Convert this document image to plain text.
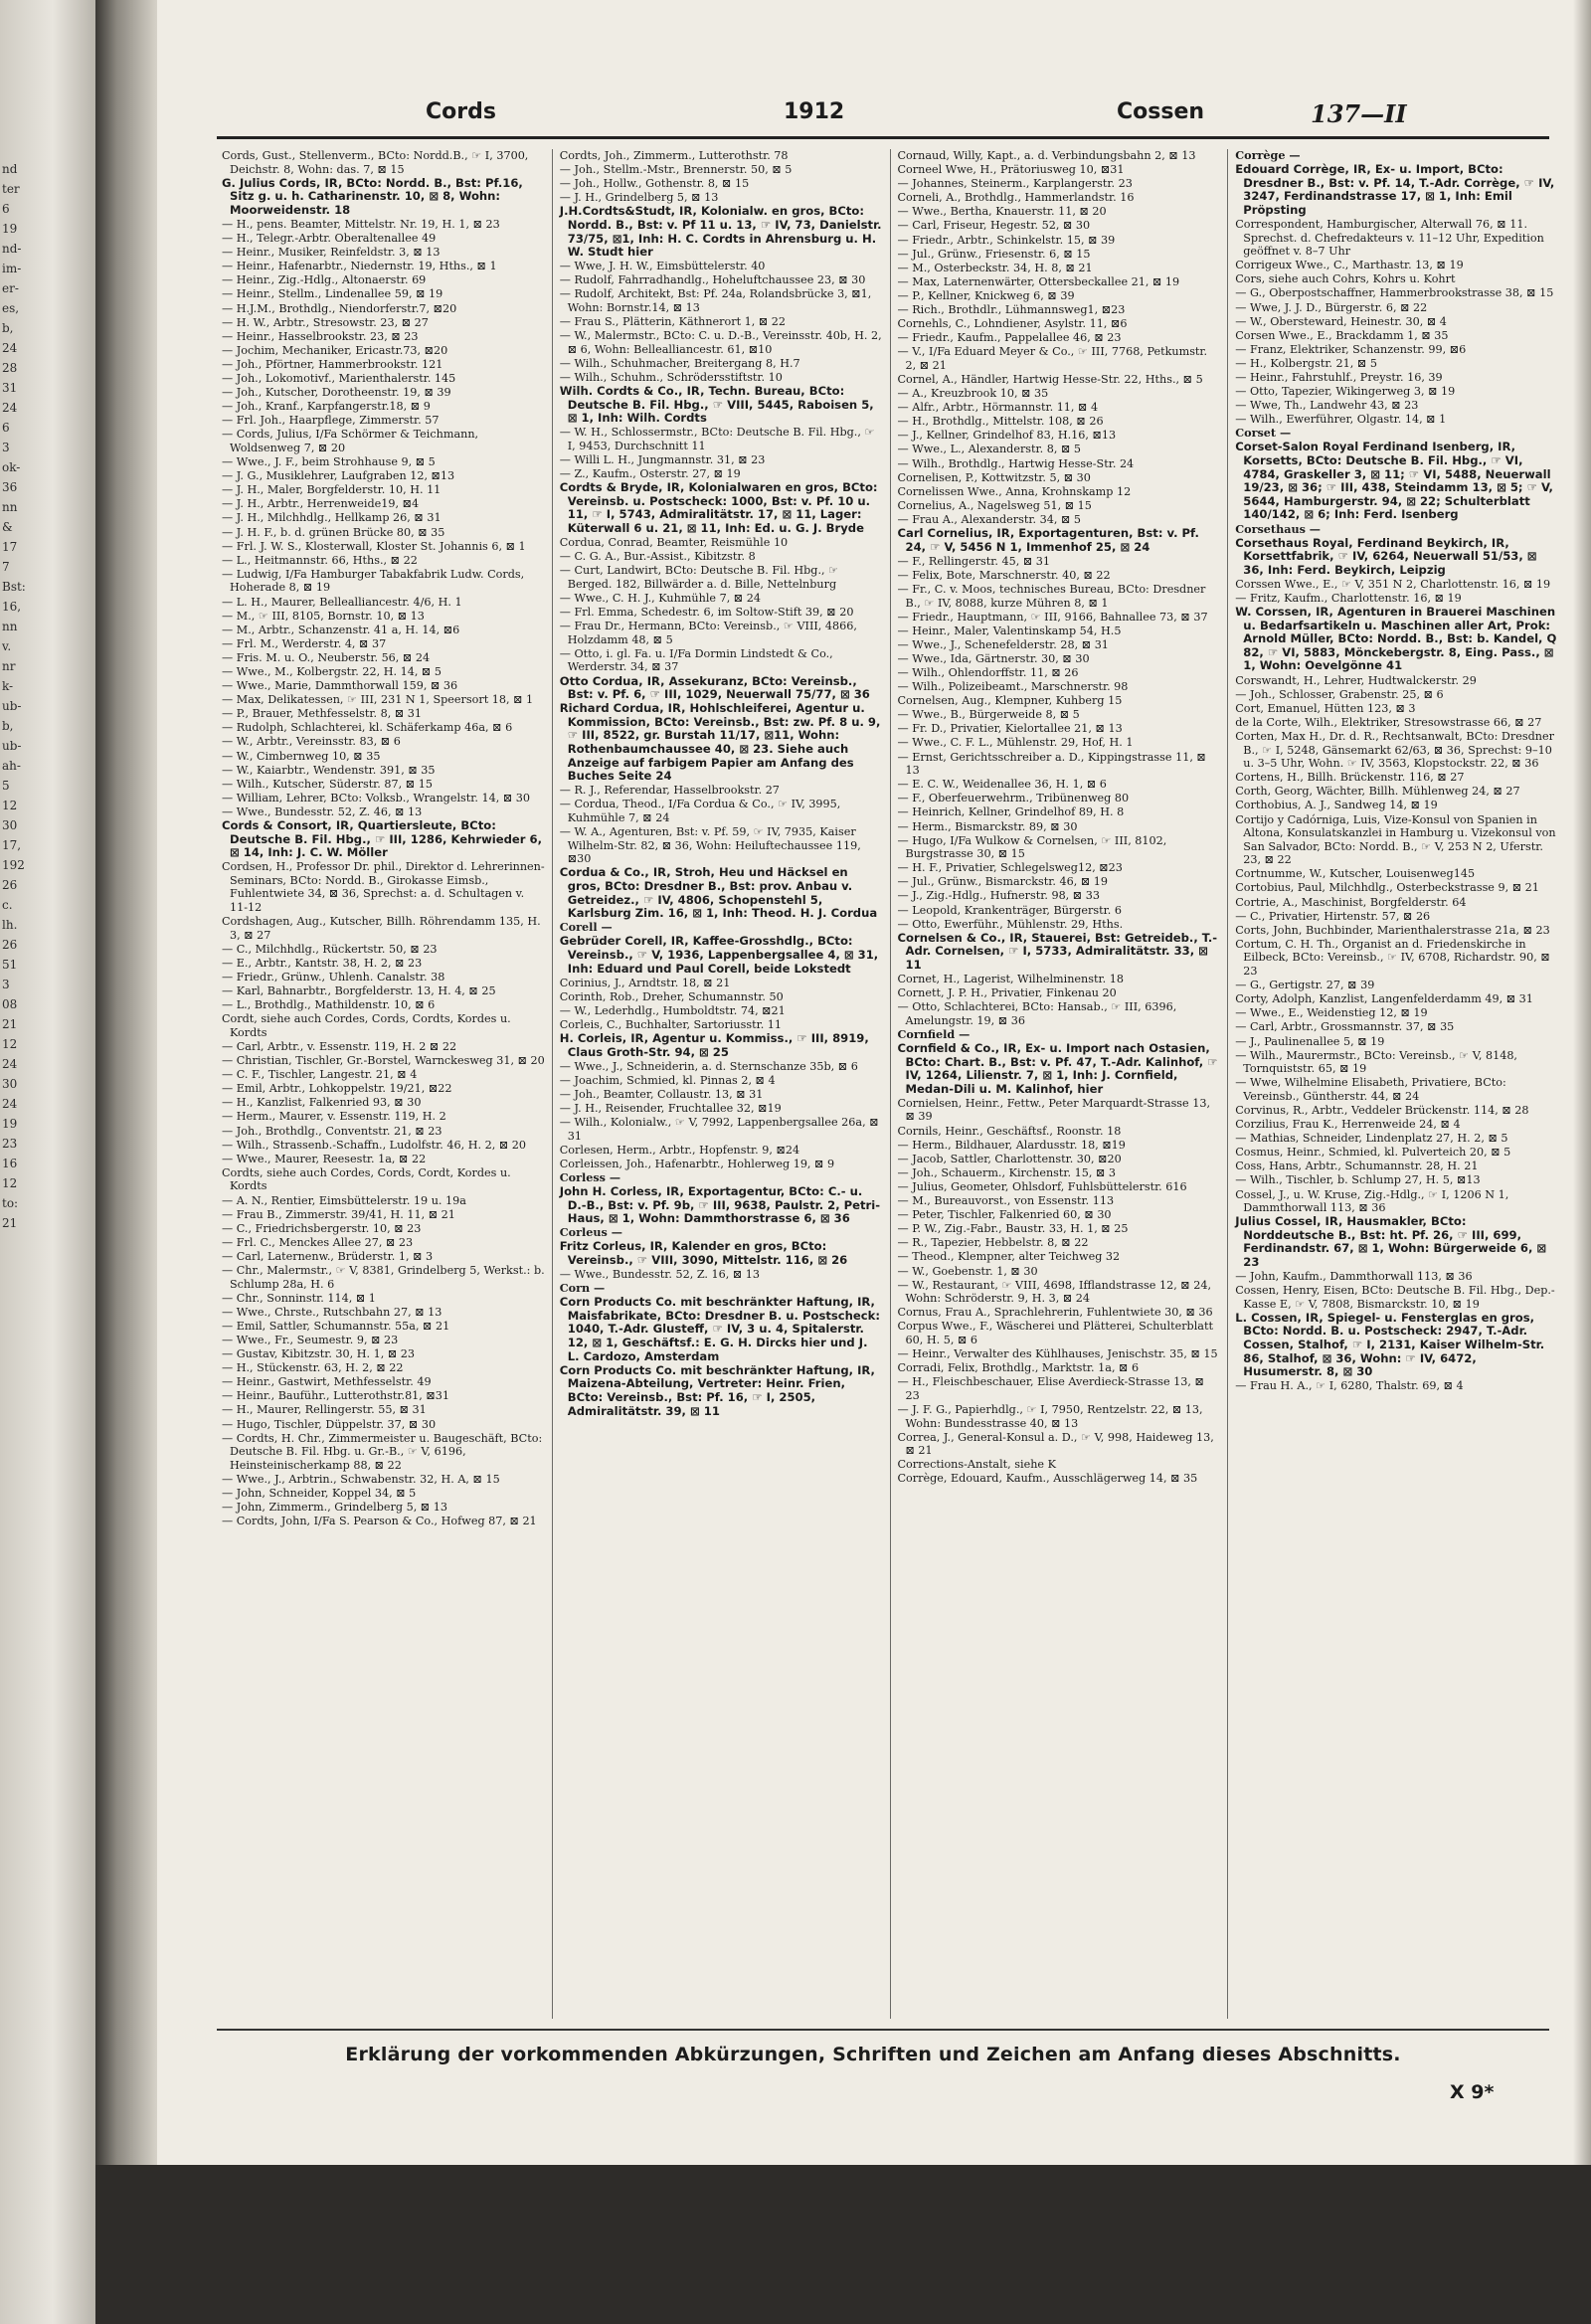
nd
ter
6
19
nd-
im-
er-
es,
b,
24
28
31
24
6
3
ok-
36
nn
&
17
7
Bst:
16,
nn
v.
nr
k-
ub-
b,
ub-
ah-
5
12
30
17,
192
26
c.
lh.
26
51
3
08
21
12
24
30
24
19
23
16
12
to:
21
Cords	1912	Cossen	137—II
Cords, Gust., Stellenverm., BCto: Nordd.B., ☞ I, 3700, Deichstr. 8, Wohn: das. 7, ⊠ 15
G. Julius Cords, IR, BCto: Nordd. B., Bst: Pf.16, Sitz g. u. h. Catharinenstr. 10, ⊠ 8, Wohn: Moorweidenstr. 18
— H., pens. Beamter, Mittelstr. Nr. 19, H. 1, ⊠ 23
— H., Telegr.-Arbtr. Oberaltenallee 49
— Heinr., Musiker, Reinfeldstr. 3, ⊠ 13
— Heinr., Hafenarbtr., Niedernstr. 19, Hths., ⊠ 1
— Heinr., Zig.-Hdlg., Altonaerstr. 69
— Heinr., Stellm., Lindenallee 59, ⊠ 19
— H.J.M., Brothdlg., Niendorferstr.7, ⊠20
— H. W., Arbtr., Stresowstr. 23, ⊠ 27
— Heinr., Hasselbrookstr. 23, ⊠ 23
— Jochim, Mechaniker, Ericastr.73, ⊠20
— Joh., Pförtner, Hammerbrookstr. 121
— Joh., Lokomotivf., Marienthalerstr. 145
— Joh., Kutscher, Dorotheenstr. 19, ⊠ 39
— Joh., Kranf., Karpfangerstr.18, ⊠ 9
— Frl. Joh., Haarpflege, Zimmerstr. 57
— Cords, Julius, I/Fa Schörmer & Teichmann, Woldsenweg 7, ⊠ 20
— Wwe., J. F., beim Strohhause 9, ⊠ 5
— J. G., Musiklehrer, Laufgraben 12, ⊠13
— J. H., Maler, Borgfelderstr. 10, H. 11
— J. H., Arbtr., Herrenweide19, ⊠4
— J. H., Milchhdlg., Hellkamp 26, ⊠ 31
— J. H. F., b. d. grünen Brücke 80, ⊠ 35
— Frl. J. W. S., Klosterwall, Kloster St. Johannis 6, ⊠ 1
— L., Heitmannstr. 66, Hths., ⊠ 22
— Ludwig, I/Fa Hamburger Tabakfabrik Ludw. Cords, Hoherade 8, ⊠ 19
— L. H., Maurer, Bellealliancestr. 4/6, H. 1
— M., ☞ III, 8105, Bornstr. 10, ⊠ 13
— M., Arbtr., Schanzenstr. 41 a, H. 14, ⊠6
— Frl. M., Werderstr. 4, ⊠ 37
— Fris. M. u. O., Neuberstr. 56, ⊠ 24
— Wwe., M., Kolbergstr. 22, H. 14, ⊠ 5
— Wwe., Marie, Dammthorwall 159, ⊠ 36
— Max, Delikatessen, ☞ III, 231 N 1, Speersort 18, ⊠ 1
— P., Brauer, Methfesselstr. 8, ⊠ 31
— Rudolph, Schlachterei, kl. Schäferkamp 46a, ⊠ 6
— W., Arbtr., Vereinsstr. 83, ⊠ 6
— W., Cimbernweg 10, ⊠ 35
— W., Kaiarbtr., Wendenstr. 391, ⊠ 35
— Wilh., Kutscher, Süderstr. 87, ⊠ 15
— William, Lehrer, BCto: Volksb., Wrangelstr. 14, ⊠ 30
— Wwe., Bundesstr. 52, Z. 46, ⊠ 13
Cords & Consort, IR, Quartiersleute, BCto: Deutsche B. Fil. Hbg., ☞ III, 1286, Kehrwieder 6, ⊠ 14, Inh: J. C. W. Möller
Cordsen, H., Professor Dr. phil., Direktor d. Lehrerinnen-Seminars, BCto: Nordd. B., Girokasse Eimsb., Fuhlentwiete 34, ⊠ 36, Sprechst: a. d. Schultagen v. 11-12
Cordshagen, Aug., Kutscher, Billh. Röhrendamm 135, H. 3, ⊠ 27
— C., Milchhdlg., Rückertstr. 50, ⊠ 23
— E., Arbtr., Kantstr. 38, H. 2, ⊠ 23
— Friedr., Grünw., Uhlenh. Canalstr. 38
— Karl, Bahnarbtr., Borgfelderstr. 13, H. 4, ⊠ 25
— L., Brothdlg., Mathildenstr. 10, ⊠ 6
Cordt, siehe auch Cordes, Cords, Cordts, Kordes u. Kordts
— Carl, Arbtr., v. Essenstr. 119, H. 2 ⊠ 22
— Christian, Tischler, Gr.-Borstel, Warnckesweg 31, ⊠ 20
— C. F., Tischler, Langestr. 21, ⊠ 4
— Emil, Arbtr., Lohkoppelstr. 19/21, ⊠22
— H., Kanzlist, Falkenried 93, ⊠ 30
— Herm., Maurer, v. Essenstr. 119, H. 2
— Joh., Brothdlg., Conventstr. 21, ⊠ 23
— Wilh., Strassenb.-Schaffn., Ludolfstr. 46, H. 2, ⊠ 20
— Wwe., Maurer, Reesestr. 1a, ⊠ 22
Cordts, siehe auch Cordes, Cords, Cordt, Kordes u. Kordts
— A. N., Rentier, Eimsbüttelerstr. 19 u. 19a
— Frau B., Zimmerstr. 39/41, H. 11, ⊠ 21
— C., Friedrichsbergerstr. 10, ⊠ 23
— Frl. C., Menckes Allee 27, ⊠ 23
— Carl, Laternenw., Brüderstr. 1, ⊠ 3
— Chr., Malermstr., ☞ V, 8381, Grindelberg 5, Werkst.: b. Schlump 28a, H. 6
— Chr., Sonninstr. 114, ⊠ 1
— Wwe., Chrste., Rutschbahn 27, ⊠ 13
— Emil, Sattler, Schumannstr. 55a, ⊠ 21
— Wwe., Fr., Seumestr. 9, ⊠ 23
— Gustav, Kibitzstr. 30, H. 1, ⊠ 23
— H., Stückenstr. 63, H. 2, ⊠ 22
— Heinr., Gastwirt, Methfesselstr. 49
— Heinr., Bauführ., Lutterothstr.81, ⊠31
— H., Maurer, Rellingerstr. 55, ⊠ 31
— Hugo, Tischler, Düppelstr. 37, ⊠ 30
— Cordts, H. Chr., Zimmermeister u. Baugeschäft, BCto: Deutsche B. Fil. Hbg. u. Gr.-B., ☞ V, 6196, Heinsteinischerkamp 88, ⊠ 22
— Wwe., J., Arbtrin., Schwabenstr. 32, H. A, ⊠ 15
— John, Schneider, Koppel 34, ⊠ 5
— John, Zimmerm., Grindelberg 5, ⊠ 13
— Cordts, John, I/Fa S. Pearson & Co., Hofweg 87, ⊠ 21
Cordts, Joh., Zimmerm., Lutterothstr. 78
— Joh., Stellm.-Mstr., Brennerstr. 50, ⊠ 5
— Joh., Hollw., Gothenstr. 8, ⊠ 15
— J. H., Grindelberg 5, ⊠ 13
J.H.Cordts&Studt, IR, Kolonialw. en gros, BCto: Nordd. B., Bst: v. Pf 11 u. 13, ☞ IV, 73, Danielstr. 73/75, ⊠1, Inh: H. C. Cordts in Ahrensburg u. H. W. Studt hier
— Wwe, J. H. W., Eimsbüttelerstr. 40
— Rudolf, Fahrradhandlg., Hoheluftchaussee 23, ⊠ 30
— Rudolf, Architekt, Bst: Pf. 24a, Rolandsbrücke 3, ⊠1, Wohn: Bornstr.14, ⊠ 13
— Frau S., Plätterin, Käthnerort 1, ⊠ 22
— W., Malermstr., BCto: C. u. D.-B., Vereinsstr. 40b, H. 2, ⊠ 6, Wohn: Bellealliancestr. 61, ⊠10
— Wilh., Schuhmacher, Breitergang 8, H.7
— Wilh., Schuhm., Schrödersstiftstr. 10
Wilh. Cordts & Co., IR, Techn. Bureau, BCto: Deutsche B. Fil. Hbg., ☞ VIII, 5445, Raboisen 5, ⊠ 1, Inh: Wilh. Cordts
— W. H., Schlossermstr., BCto: Deutsche B. Fil. Hbg., ☞ I, 9453, Durchschnitt 11
— Willi L. H., Jungmannstr. 31, ⊠ 23
— Z., Kaufm., Osterstr. 27, ⊠ 19
Cordts & Bryde, IR, Kolonialwaren en gros, BCto: Vereinsb. u. Postscheck: 1000, Bst: v. Pf. 10 u. 11, ☞ I, 5743, Admiralitätstr. 17, ⊠ 11, Lager: Küterwall 6 u. 21, ⊠ 11, Inh: Ed. u. G. J. Bryde
Cordua, Conrad, Beamter, Reismühle 10
— C. G. A., Bur.-Assist., Kibitzstr. 8
— Curt, Landwirt, BCto: Deutsche B. Fil. Hbg., ☞ Berged. 182, Billwärder a. d. Bille, Nettelnburg
— Wwe., C. H. J., Kuhmühle 7, ⊠ 24
— Frl. Emma, Schedestr. 6, im Soltow-Stift 39, ⊠ 20
— Frau Dr., Hermann, BCto: Vereinsb., ☞ VIII, 4866, Holzdamm 48, ⊠ 5
— Otto, i. gl. Fa. u. I/Fa Dormin Lindstedt & Co., Werderstr. 34, ⊠ 37
Otto Cordua, IR, Assekuranz, BCto: Vereinsb., Bst: v. Pf. 6, ☞ III, 1029, Neuerwall 75/77, ⊠ 36
Richard Cordua, IR, Hohlschleiferei, Agentur u. Kommission, BCto: Vereinsb., Bst: zw. Pf. 8 u. 9, ☞ III, 8522, gr. Burstah 11/17, ⊠11, Wohn: Rothenbaumchaussee 40, ⊠ 23. Siehe auch Anzeige auf farbigem Papier am Anfang des Buches Seite 24
— R. J., Referendar, Hasselbrookstr. 27
— Cordua, Theod., I/Fa Cordua & Co., ☞ IV, 3995, Kuhmühle 7, ⊠ 24
— W. A., Agenturen, Bst: v. Pf. 59, ☞ IV, 7935, Kaiser Wilhelm-Str. 82, ⊠ 36, Wohn: Heiluftechaussee 119, ⊠30
Cordua & Co., IR, Stroh, Heu und Häcksel en gros, BCto: Dresdner B., Bst: prov. Anbau v. Getreidez., ☞ IV, 4806, Schopenstehl 5, Karlsburg Zim. 16, ⊠ 1, Inh: Theod. H. J. Cordua
Corell —
Gebrüder Corell, IR, Kaffee-Grosshdlg., BCto: Vereinsb., ☞ V, 1936, Lappenbergsallee 4, ⊠ 31, Inh: Eduard und Paul Corell, beide Lokstedt
Corinius, J., Arndtstr. 18, ⊠ 21
Corinth, Rob., Dreher, Schumannstr. 50
— W., Lederhdlg., Humboldtstr. 74, ⊠21
Corleis, C., Buchhalter, Sartoriusstr. 11
H. Corleis, IR, Agentur u. Kommiss., ☞ III, 8919, Claus Groth-Str. 94, ⊠ 25
— Wwe., J., Schneiderin, a. d. Sternschanze 35b, ⊠ 6
— Joachim, Schmied, kl. Pinnas 2, ⊠ 4
— Joh., Beamter, Collaustr. 13, ⊠ 31
— J. H., Reisender, Fruchtallee 32, ⊠19
— Wilh., Kolonialw., ☞ V, 7992, Lappenbergsallee 26a, ⊠ 31
Corlesen, Herm., Arbtr., Hopfenstr. 9, ⊠24
Corleissen, Joh., Hafenarbtr., Hohlerweg 19, ⊠ 9
Corless —
John H. Corless, IR, Exportagentur, BCto: C.- u. D.-B., Bst: v. Pf. 9b, ☞ III, 9638, Paulstr. 2, Petri-Haus, ⊠ 1, Wohn: Dammthorstrasse 6, ⊠ 36
Corleus —
Fritz Corleus, IR, Kalender en gros, BCto: Vereinsb., ☞ VIII, 3090, Mittelstr. 116, ⊠ 26
— Wwe., Bundesstr. 52, Z. 16, ⊠ 13
Corn —
Corn Products Co. mit beschränkter Haftung, IR, Maisfabrikate, BCto: Dresdner B. u. Postscheck: 1040, T.-Adr. Glusteff, ☞ IV, 3 u. 4, Spitalerstr. 12, ⊠ 1, Geschäftsf.: E. G. H. Dircks hier und J. L. Cardozo, Amsterdam
Corn Products Co. mit beschränkter Haftung, IR, Maizena-Abteilung, Vertreter: Heinr. Frien, BCto: Vereinsb., Bst: Pf. 16, ☞ I, 2505, Admiralitätstr. 39, ⊠ 11
Cornaud, Willy, Kapt., a. d. Verbindungsbahn 2, ⊠ 13
Corneel Wwe, H., Prätoriusweg 10, ⊠31
— Johannes, Steinerm., Karplangerstr. 23
Corneli, A., Brothdlg., Hammerlandstr. 16
— Wwe., Bertha, Knauerstr. 11, ⊠ 20
— Carl, Friseur, Hegestr. 52, ⊠ 30
— Friedr., Arbtr., Schinkelstr. 15, ⊠ 39
— Jul., Grünw., Friesenstr. 6, ⊠ 15
— M., Osterbeckstr. 34, H. 8, ⊠ 21
— Max, Laternenwärter, Ottersbeckallee 21, ⊠ 19
— P., Kellner, Knickweg 6, ⊠ 39
— Rich., Brothdlr., Lühmannsweg1, ⊠23
Cornehls, C., Lohndiener, Asylstr. 11, ⊠6
— Friedr., Kaufm., Pappelallee 46, ⊠ 23
— V., I/Fa Eduard Meyer & Co., ☞ III, 7768, Petkumstr. 2, ⊠ 21
Cornel, A., Händler, Hartwig Hesse-Str. 22, Hths., ⊠ 5
— A., Kreuzbrook 10, ⊠ 35
— Alfr., Arbtr., Hörmannstr. 11, ⊠ 4
— H., Brothdlg., Mittelstr. 108, ⊠ 26
— J., Kellner, Grindelhof 83, H.16, ⊠13
— Wwe., L., Alexanderstr. 8, ⊠ 5
— Wilh., Brothdlg., Hartwig Hesse-Str. 24
Cornelisen, P., Kottwitzstr. 5, ⊠ 30
Cornelissen Wwe., Anna, Krohnskamp 12
Cornelius, A., Nagelsweg 51, ⊠ 15
— Frau A., Alexanderstr. 34, ⊠ 5
Carl Cornelius, IR, Exportagenturen, Bst: v. Pf. 24, ☞ V, 5456 N 1, Immenhof 25, ⊠ 24
— F., Rellingerstr. 45, ⊠ 31
— Felix, Bote, Marschnerstr. 40, ⊠ 22
— Fr., C. v. Moos, technisches Bureau, BCto: Dresdner B., ☞ IV, 8088, kurze Mühren 8, ⊠ 1
— Friedr., Hauptmann, ☞ III, 9166, Bahnallee 73, ⊠ 37
— Heinr., Maler, Valentinskamp 54, H.5
— Wwe., J., Schenefelderstr. 28, ⊠ 31
— Wwe., Ida, Gärtnerstr. 30, ⊠ 30
— Wilh., Ohlendorffstr. 11, ⊠ 26
— Wilh., Polizeibeamt., Marschnerstr. 98
Cornelsen, Aug., Klempner, Kuhberg 15
— Wwe., B., Bürgerweide 8, ⊠ 5
— Fr. D., Privatier, Kielortallee 21, ⊠ 13
— Wwe., C. F. L., Mühlenstr. 29, Hof, H. 1
— Ernst, Gerichtsschreiber a. D., Kippingstrasse 11, ⊠ 13
— E. C. W., Weidenallee 36, H. 1, ⊠ 6
— F., Oberfeuerwehrm., Tribünenweg 80
— Heinrich, Kellner, Grindelhof 89, H. 8
— Herm., Bismarckstr. 89, ⊠ 30
— Hugo, I/Fa Wulkow & Cornelsen, ☞ III, 8102, Burgstrasse 30, ⊠ 15
— H. F., Privatier, Schlegelsweg12, ⊠23
— Jul., Grünw., Bismarckstr. 46, ⊠ 19
— J., Zig.-Hdlg., Hufnerstr. 98, ⊠ 33
— Leopold, Krankenträger, Bürgerstr. 6
— Otto, Ewerführ., Mühlenstr. 29, Hths.
Cornelsen & Co., IR, Stauerei, Bst: Getreideb., T.-Adr. Cornelsen, ☞ I, 5733, Admiralitätstr. 33, ⊠ 11
Cornet, H., Lagerist, Wilhelminenstr. 18
Cornett, J. P. H., Privatier, Finkenau 20
— Otto, Schlachterei, BCto: Hansab., ☞ III, 6396, Amelungstr. 19, ⊠ 36
Cornfield —
Cornfield & Co., IR, Ex- u. Import nach Ostasien, BCto: Chart. B., Bst: v. Pf. 47, T.-Adr. Kalinhof, ☞ IV, 1264, Lilienstr. 7, ⊠ 1, Inh: J. Cornfield, Medan-Dili u. M. Kalinhof, hier
Cornielsen, Heinr., Fettw., Peter Marquardt-Strasse 13, ⊠ 39
Cornils, Heinr., Geschäftsf., Roonstr. 18
— Herm., Bildhauer, Alardusstr. 18, ⊠19
— Jacob, Sattler, Charlottenstr. 30, ⊠20
— Joh., Schauerm., Kirchenstr. 15, ⊠ 3
— Julius, Geometer, Ohlsdorf, Fuhlsbüttelerstr. 616
— M., Bureauvorst., von Essenstr. 113
— Peter, Tischler, Falkenried 60, ⊠ 30
— P. W., Zig.-Fabr., Baustr. 33, H. 1, ⊠ 25
— R., Tapezier, Hebbelstr. 8, ⊠ 22
— Theod., Klempner, alter Teichweg 32
— W., Goebenstr. 1, ⊠ 30
— W., Restaurant, ☞ VIII, 4698, Ifflandstrasse 12, ⊠ 24, Wohn: Schröderstr. 9, H. 3, ⊠ 24
Cornus, Frau A., Sprachlehrerin, Fuhlentwiete 30, ⊠ 36
Corpus Wwe., F., Wäscherei und Plätterei, Schulterblatt 60, H. 5, ⊠ 6
— Heinr., Verwalter des Kühlhauses, Jenischstr. 35, ⊠ 15
Corradi, Felix, Brothdlg., Marktstr. 1a, ⊠ 6
— H., Fleischbeschauer, Elise Averdieck-Strasse 13, ⊠ 23
— J. F. G., Papierhdlg., ☞ I, 7950, Rentzelstr. 22, ⊠ 13, Wohn: Bundesstrasse 40, ⊠ 13
Correa, J., General-Konsul a. D., ☞ V, 998, Haideweg 13, ⊠ 21
Corrections-Anstalt, siehe K
Corrège, Edouard, Kaufm., Ausschlägerweg 14, ⊠ 35
Corrège —
Edouard Corrège, IR, Ex- u. Import, BCto: Dresdner B., Bst: v. Pf. 14, T.-Adr. Corrège, ☞ IV, 3247, Ferdinandstrasse 17, ⊠ 1, Inh: Emil Pröpsting
Correspondent, Hamburgischer, Alterwall 76, ⊠ 11. Sprechst. d. Chefredakteurs v. 11–12 Uhr, Expedition geöffnet v. 8–7 Uhr
Corrigeux Wwe., C., Marthastr. 13, ⊠ 19
Cors, siehe auch Cohrs, Kohrs u. Kohrt
— G., Oberpostschaffner, Hammerbrookstrasse 38, ⊠ 15
— Wwe, J. J. D., Bürgerstr. 6, ⊠ 22
— W., Obersteward, Heinestr. 30, ⊠ 4
Corsen Wwe., E., Brackdamm 1, ⊠ 35
— Franz, Elektriker, Schanzenstr. 99, ⊠6
— H., Kolbergstr. 21, ⊠ 5
— Heinr., Fahrstuhlf., Preystr. 16, 39
— Otto, Tapezier, Wikingerweg 3, ⊠ 19
— Wwe, Th., Landwehr 43, ⊠ 23
— Wilh., Ewerführer, Olgastr. 14, ⊠ 1
Corset —
Corset-Salon Royal Ferdinand Isenberg, IR, Korsetts, BCto: Deutsche B. Fil. Hbg., ☞ VI, 4784, Graskeller 3, ⊠ 11; ☞ VI, 5488, Neuerwall 19/23, ⊠ 36; ☞ III, 438, Steindamm 13, ⊠ 5; ☞ V, 5644, Hamburgerstr. 94, ⊠ 22; Schulterblatt 140/142, ⊠ 6; Inh: Ferd. Isenberg
Corsethaus —
Corsethaus Royal, Ferdinand Beykirch, IR, Korsettfabrik, ☞ IV, 6264, Neuerwall 51/53, ⊠ 36, Inh: Ferd. Beykirch, Leipzig
Corssen Wwe., E., ☞ V, 351 N 2, Charlottenstr. 16, ⊠ 19
— Fritz, Kaufm., Charlottenstr. 16, ⊠ 19
W. Corssen, IR, Agenturen in Brauerei Maschinen u. Bedarfsartikeln u. Maschinen aller Art, Prok: Arnold Müller, BCto: Nordd. B., Bst: b. Kandel, Q 82, ☞ VI, 5883, Mönckebergstr. 8, Eing. Pass., ⊠ 1, Wohn: Oevelgönne 41
Corswandt, H., Lehrer, Hudtwalckerstr. 29
— Joh., Schlosser, Grabenstr. 25, ⊠ 6
Cort, Emanuel, Hütten 123, ⊠ 3
de la Corte, Wilh., Elektriker, Stresowstrasse 66, ⊠ 27
Corten, Max H., Dr. d. R., Rechtsanwalt, BCto: Dresdner B., ☞ I, 5248, Gänsemarkt 62/63, ⊠ 36, Sprechst: 9–10 u. 3–5 Uhr, Wohn. ☞ IV, 3563, Klopstockstr. 22, ⊠ 36
Cortens, H., Billh. Brückenstr. 116, ⊠ 27
Corth, Georg, Wächter, Billh. Mühlenweg 24, ⊠ 27
Corthobius, A. J., Sandweg 14, ⊠ 19
Cortijo y Cadórniga, Luis, Vize-Konsul von Spanien in Altona, Konsulatskanzlei in Hamburg u. Vizekonsul von San Salvador, BCto: Nordd. B., ☞ V, 253 N 2, Uferstr. 23, ⊠ 22
Cortnumme, W., Kutscher, Louisenweg145
Cortobius, Paul, Milchhdlg., Osterbeckstrasse 9, ⊠ 21
Cortrie, A., Maschinist, Borgfelderstr. 64
— C., Privatier, Hirtenstr. 57, ⊠ 26
Corts, John, Buchbinder, Marienthalerstrasse 21a, ⊠ 23
Cortum, C. H. Th., Organist an d. Friedenskirche in Eilbeck, BCto: Vereinsb., ☞ IV, 6708, Richardstr. 90, ⊠ 23
— G., Gertigstr. 27, ⊠ 39
Corty, Adolph, Kanzlist, Langenfelderdamm 49, ⊠ 31
— Wwe., E., Weidenstieg 12, ⊠ 19
— Carl, Arbtr., Grossmannstr. 37, ⊠ 35
— J., Paulinenallee 5, ⊠ 19
— Wilh., Maurermstr., BCto: Vereinsb., ☞ V, 8148, Tornquiststr. 65, ⊠ 19
— Wwe, Wilhelmine Elisabeth, Privatiere, BCto: Vereinsb., Güntherstr. 44, ⊠ 24
Corvinus, R., Arbtr., Veddeler Brückenstr. 114, ⊠ 28
Corzilius, Frau K., Herrenweide 24, ⊠ 4
— Mathias, Schneider, Lindenplatz 27, H. 2, ⊠ 5
Cosmus, Heinr., Schmied, kl. Pulverteich 20, ⊠ 5
Coss, Hans, Arbtr., Schumannstr. 28, H. 21
— Wilh., Tischler, b. Schlump 27, H. 5, ⊠13
Cossel, J., u. W. Kruse, Zig.-Hdlg., ☞ I, 1206 N 1, Dammthorwall 113, ⊠ 36
Julius Cossel, IR, Hausmakler, BCto: Norddeutsche B., Bst: ht. Pf. 26, ☞ III, 699, Ferdinandstr. 67, ⊠ 1, Wohn: Bürgerweide 6, ⊠ 23
— John, Kaufm., Dammthorwall 113, ⊠ 36
Cossen, Henry, Eisen, BCto: Deutsche B. Fil. Hbg., Dep.-Kasse E, ☞ V, 7808, Bismarckstr. 10, ⊠ 19
L. Cossen, IR, Spiegel- u. Fensterglas en gros, BCto: Nordd. B. u. Postscheck: 2947, T.-Adr. Cossen, Stalhof, ☞ I, 2131, Kaiser Wilhelm-Str. 86, Stalhof, ⊠ 36, Wohn: ☞ IV, 6472, Husumerstr. 8, ⊠ 30
— Frau H. A., ☞ I, 6280, Thalstr. 69, ⊠ 4
Erklärung der vorkommenden Abkürzungen, Schriften und Zeichen am Anfang dieses Abschnitts.
X 9*
